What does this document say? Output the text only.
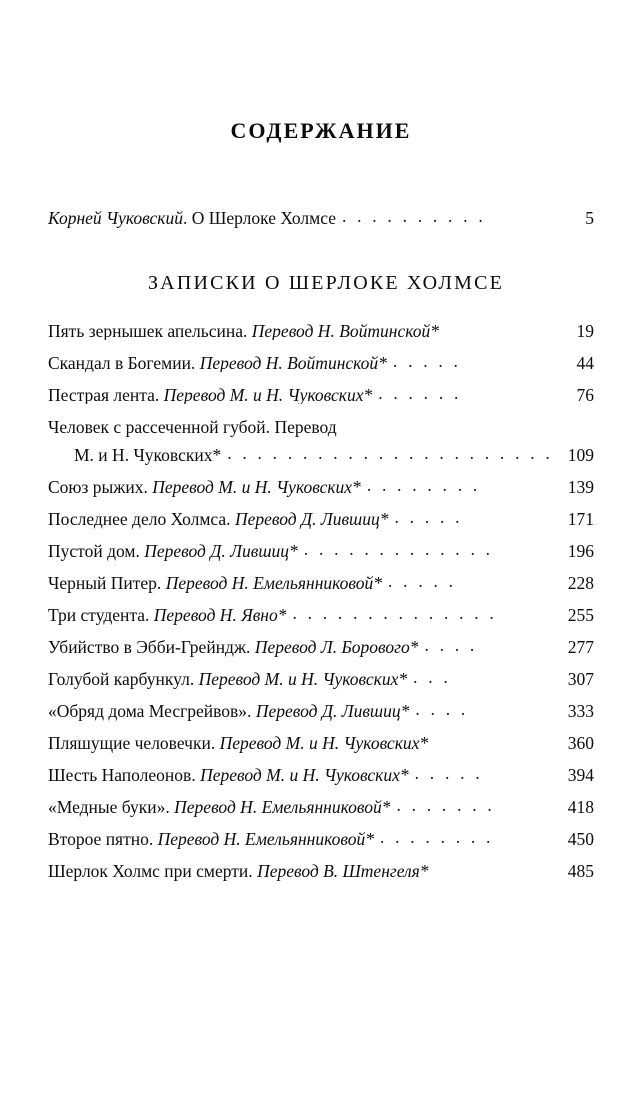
СОДЕРЖАНИЕ
Корней Чуковский. О Шерлоке Холмсе . . . . . . . . . .	5
ЗАПИСКИ О ШЕРЛОКЕ ХОЛМСЕ
Пять зернышек апельсина. Перевод Н. Войтинской*	19
Скандал в Богемии. Перевод Н. Войтинской* . . . . .	44
Пестрая лента. Перевод М. и Н. Чуковских* . . . . . .	76
Человек с рассеченной губой. Перевод
М. и Н. Чуковских* . . . . . . . . . . . . . . . . . . . . . . 109
Союз рыжих. Перевод М. и Н. Чуковских* . . . . . . . .	139
Последнее дело Холмса. Перевод Д. Лившиц* . . . . .	171
Пустой дом. Перевод Д. Лившиц* . . . . . . . . . . . . .	196
Черный Питер. Перевод Н. Емельянниковой* . . . . .	228
Три студента. Перевод Н. Явно* . . . . . . . . . . . . . .	255
Убийство в Эбби-Грейндж. Перевод Л. Борового* . . . .	277
Голубой карбункул. Перевод М. и Н. Чуковских* . . .	307
«Обряд дома Месгрейвов». Перевод Д. Лившиц* . . . .	333
Пляшущие человечки. Перевод М. и Н. Чуковских*	360
Шесть Наполеонов. Перевод М. и Н. Чуковских* . . . . .	394
«Медные буки». Перевод Н. Емельянниковой* . . . . . . .	418
Второе пятно. Перевод Н. Емельянниковой* . . . . . . . .	450
Шерлок Холмс при смерти. Перевод В. Штенгеля*	485
